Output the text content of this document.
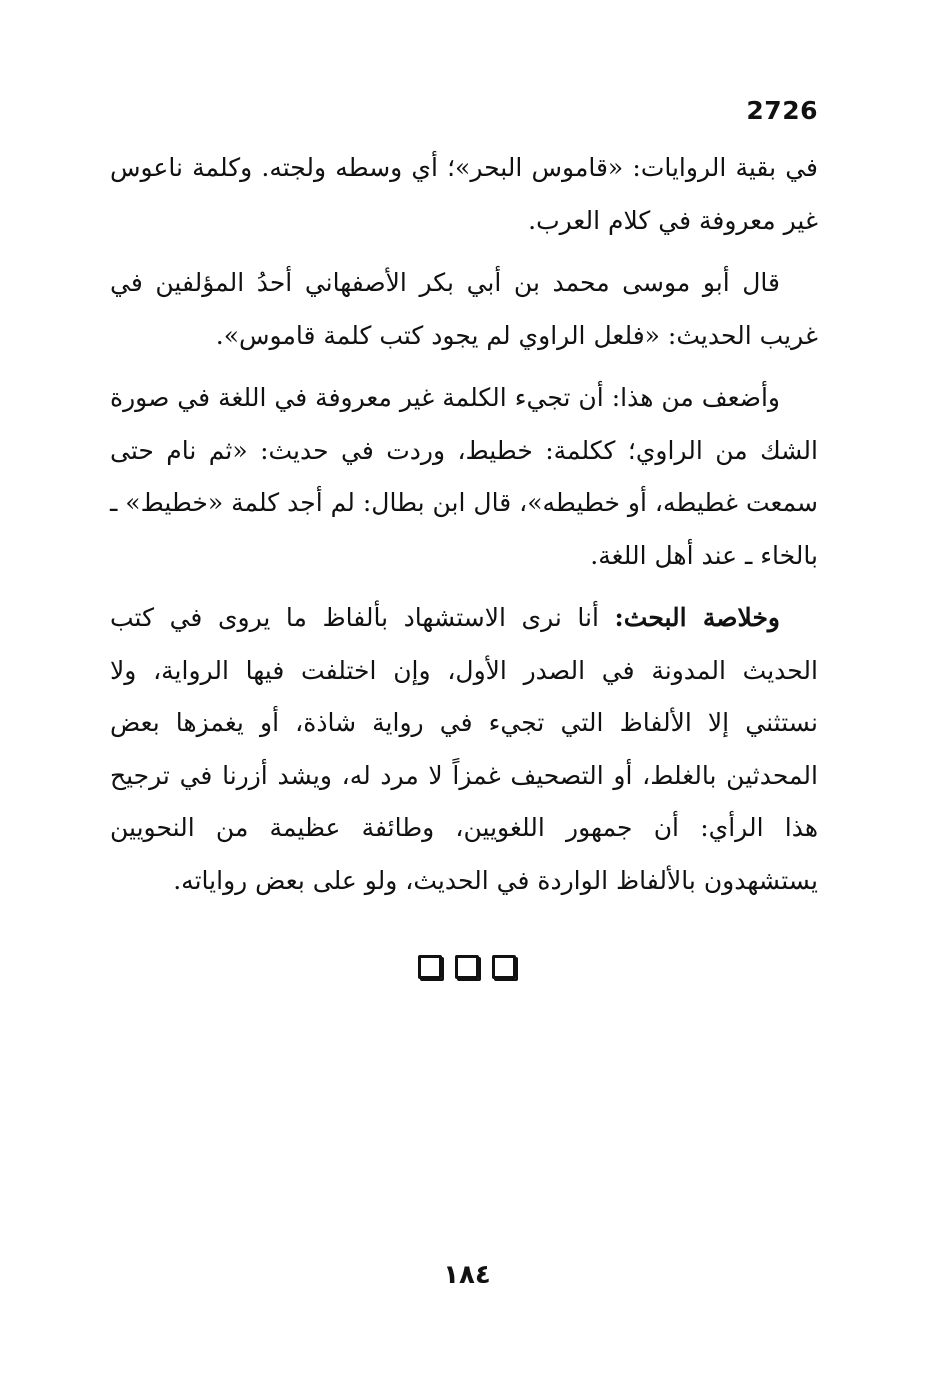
2726

في بقية الروايات: «قاموس البحر»؛ أي وسطه ولجته. وكلمة ناعوس غير معروفة في كلام العرب.

قال أبو موسى محمد بن أبي بكر الأصفهاني أحدُ المؤلفين في غريب الحديث: «فلعل الراوي لم يجود كتب كلمة قاموس».

وأضعف من هذا: أن تجيء الكلمة غير معروفة في اللغة في صورة الشك من الراوي؛ ككلمة: خطيط، وردت في حديث: «ثم نام حتى سمعت غطيطه، أو خطيطه»، قال ابن بطال: لم أجد كلمة «خطيط» ـ بالخاء ـ عند أهل اللغة.

وخلاصة البحث: أنا نرى الاستشهاد بألفاظ ما يروى في كتب الحديث المدونة في الصدر الأول، وإن اختلفت فيها الرواية، ولا نستثني إلا الألفاظ التي تجيء في رواية شاذة، أو يغمزها بعض المحدثين بالغلط، أو التصحيف غمزاً لا مرد له، ويشد أزرنا في ترجيح هذا الرأي: أن جمهور اللغويين، وطائفة عظيمة من النحويين يستشهدون بالألفاظ الواردة في الحديث، ولو على بعض رواياته.

١٨٤
